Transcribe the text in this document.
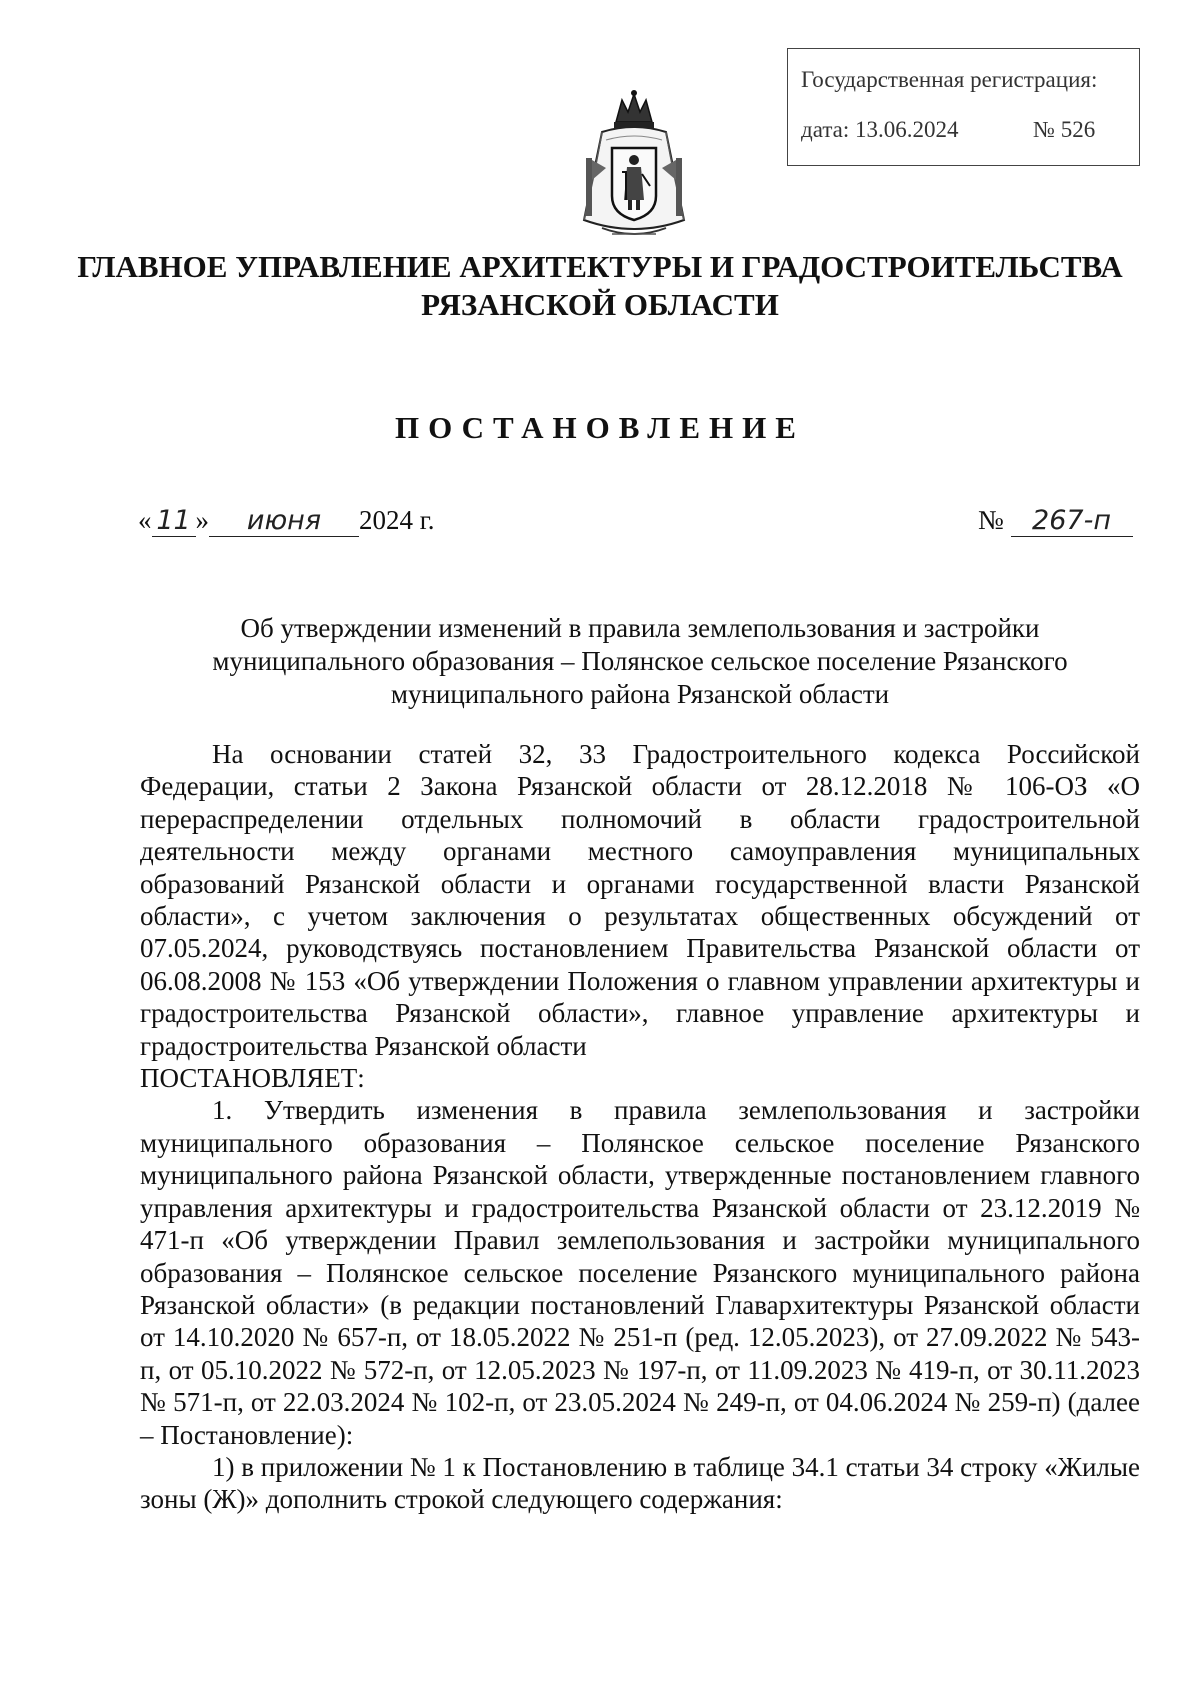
Государственная регистрация:
дата: 13.06.2024	№ 526
ГЛАВНОЕ УПРАВЛЕНИЕ АРХИТЕКТУРЫ И ГРАДОСТРОИТЕЛЬСТВА
РЯЗАНСКОЙ ОБЛАСТИ
ПОСТАНОВЛЕНИЕ
« 11 » июня 2024 г.	№ 267-п
Об утверждении изменений в правила землепользования и застройки
муниципального образования – Полянское сельское поселение Рязанского
муниципального района Рязанской области

На основании статей 32, 33 Градостроительного кодекса Российской Федерации, статьи 2 Закона Рязанской области от 28.12.2018 № 106-ОЗ «О перераспределении отдельных полномочий в области градостроительной деятельности между органами местного самоуправления муниципальных образований Рязанской области и органами государственной власти Рязанской области», с учетом заключения о результатах общественных обсуждений от 07.05.2024, руководствуясь постановлением Правительства Рязанской области от 06.08.2008 № 153 «Об утверждении Положения о главном управлении архитектуры и градостроительства Рязанской области», главное управление архитектуры и градостроительства Рязанской области

ПОСТАНОВЛЯЕТ:

1. Утвердить изменения в правила землепользования и застройки муниципального образования – Полянское сельское поселение Рязанского муниципального района Рязанской области, утвержденные постановлением главного управления архитектуры и градостроительства Рязанской области от 23.12.2019 № 471-п «Об утверждении Правил землепользования и застройки муниципального образования – Полянское сельское поселение Рязанского муниципального района Рязанской области» (в редакции постановлений Главархитектуры Рязанской области от 14.10.2020 № 657-п, от 18.05.2022 № 251-п (ред. 12.05.2023), от 27.09.2022 № 543-п, от 05.10.2022 № 572-п, от 12.05.2023 № 197-п, от 11.09.2023 № 419-п, от 30.11.2023 № 571-п, от 22.03.2024 № 102-п, от 23.05.2024 № 249-п, от 04.06.2024 № 259-п) (далее – Постановление):

1) в приложении № 1 к Постановлению в таблице 34.1 статьи 34 строку «Жилые зоны (Ж)» дополнить строкой следующего содержания:
